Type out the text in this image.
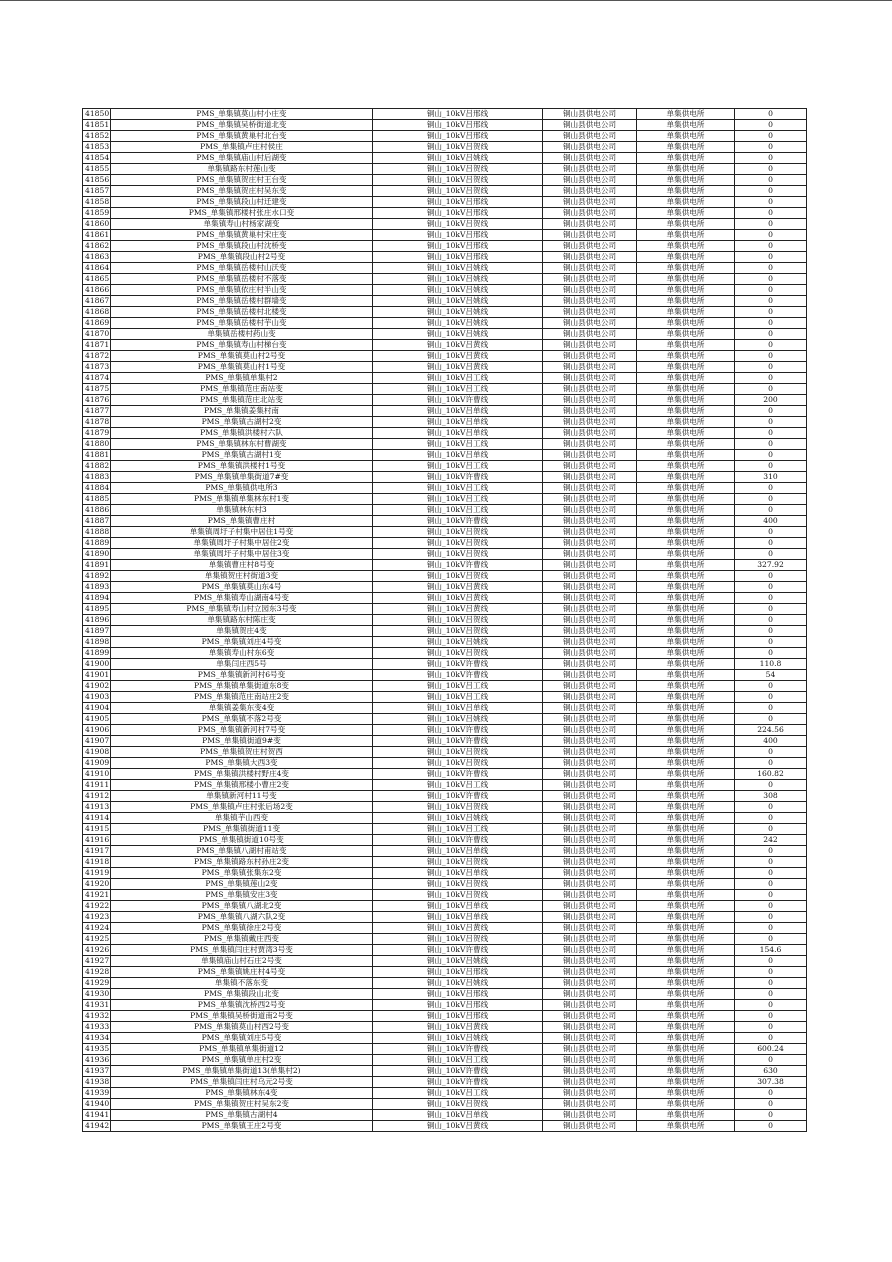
41850	PMS_单集镇莫山村小庄变	铜山_10kV吕邢线	铜山县供电公司	单集供电所	0
41851	PMS_单集镇吴桥街道北变	铜山_10kV吕邢线	铜山县供电公司	单集供电所	0
41852	PMS_单集镇黄巢村北台变	铜山_10kV吕邢线	铜山县供电公司	单集供电所	0
41853	PMS_单集镇卢庄村侯庄	铜山_10kV吕贺线	铜山县供电公司	单集供电所	0
41854	PMS_单集镇庙山村后湖变	铜山_10kV吕姚线	铜山县供电公司	单集供电所	0
41855	单集镇路东村莲山变	铜山_10kV吕贺线	铜山县供电公司	单集供电所	0
41856	PMS_单集镇贺庄村王台变	铜山_10kV吕贺线	铜山县供电公司	单集供电所	0
41857	PMS_单集镇贺庄村吴东变	铜山_10kV吕贺线	铜山县供电公司	单集供电所	0
41858	PMS_单集镇段山村迁建变	铜山_10kV吕邢线	铜山县供电公司	单集供电所	0
41859	PMS_单集镇邢楼村张庄水口变	铜山_10kV吕邢线	铜山县供电公司	单集供电所	0
41860	单集镇寿山村杨家湖变	铜山_10kV吕贺线	铜山县供电公司	单集供电所	0
41861	PMS_单集镇黄巢村宋庄变	铜山_10kV吕邢线	铜山县供电公司	单集供电所	0
41862	PMS_单集镇段山村沈桥变	铜山_10kV吕邢线	铜山县供电公司	单集供电所	0
41863	PMS_单集镇段山村2号变	铜山_10kV吕邢线	铜山县供电公司	单集供电所	0
41864	PMS_单集镇岳楼村山沃变	铜山_10kV吕姚线	铜山县供电公司	单集供电所	0
41865	PMS_单集镇岳楼村不落变	铜山_10kV吕姚线	铜山县供电公司	单集供电所	0
41866	PMS_单集镇依庄村半山变	铜山_10kV吕姚线	铜山县供电公司	单集供电所	0
41867	PMS_单集镇岳楼村群墙变	铜山_10kV吕姚线	铜山县供电公司	单集供电所	0
41868	PMS_单集镇岳楼村北楼变	铜山_10kV吕姚线	铜山县供电公司	单集供电所	0
41869	PMS_单集镇岳楼村芋山变	铜山_10kV吕姚线	铜山县供电公司	单集供电所	0
41870	单集镇岳楼村药山变	铜山_10kV吕姚线	铜山县供电公司	单集供电所	0
41871	PMS_单集镇寿山村梯台变	铜山_10kV吕黄线	铜山县供电公司	单集供电所	0
41872	PMS_单集镇莫山村2号变	铜山_10kV吕黄线	铜山县供电公司	单集供电所	0
41873	PMS_单集镇莫山村1号变	铜山_10kV吕黄线	铜山县供电公司	单集供电所	0
41874	PMS_单集镇单集村2	铜山_10kV吕工线	铜山县供电公司	单集供电所	0
41875	PMS_单集镇范庄南站变	铜山_10kV吕工线	铜山县供电公司	单集供电所	0
41876	PMS_单集镇范庄北站变	铜山_10kV许曹线	铜山县供电公司	单集供电所	200
41877	PMS_单集镇姜集村南	铜山_10kV吕单线	铜山县供电公司	单集供电所	0
41878	PMS_单集镇古湖村2变	铜山_10kV吕单线	铜山县供电公司	单集供电所	0
41879	PMS_单集镇洪楼村六队	铜山_10kV吕单线	铜山县供电公司	单集供电所	0
41880	PMS_单集镇林东村曹湖变	铜山_10kV吕工线	铜山县供电公司	单集供电所	0
41881	PMS_单集镇古湖村1变	铜山_10kV吕单线	铜山县供电公司	单集供电所	0
41882	PMS_单集镇洪楼村1号变	铜山_10kV吕工线	铜山县供电公司	单集供电所	0
41883	PMS_单集镇单集街道7#变	铜山_10kV许曹线	铜山县供电公司	单集供电所	310
41884	PMS_单集镇供电所3	铜山_10kV吕工线	铜山县供电公司	单集供电所	0
41885	PMS_单集镇单集林东村1变	铜山_10kV吕工线	铜山县供电公司	单集供电所	0
41886	单集镇林东村3	铜山_10kV吕工线	铜山县供电公司	单集供电所	0
41887	PMS_单集镇曹庄村	铜山_10kV许曹线	铜山县供电公司	单集供电所	400
41888	单集镇周圩子村集中居住1号变	铜山_10kV吕贺线	铜山县供电公司	单集供电所	0
41889	单集镇周圩子村集中居住2变	铜山_10kV吕贺线	铜山县供电公司	单集供电所	0
41890	单集镇周圩子村集中居住3变	铜山_10kV吕贺线	铜山县供电公司	单集供电所	0
41891	单集镇曹庄村8号变	铜山_10kV许曹线	铜山县供电公司	单集供电所	327.92
41892	单集镇贺庄村街道3变	铜山_10kV吕贺线	铜山县供电公司	单集供电所	0
41893	PMS_单集镇莫山东4号	铜山_10kV吕黄线	铜山县供电公司	单集供电所	0
41894	PMS_单集镇寿山湖南4号变	铜山_10kV吕黄线	铜山县供电公司	单集供电所	0
41895	PMS_单集镇寿山村立园东3号变	铜山_10kV吕黄线	铜山县供电公司	单集供电所	0
41896	单集镇路东村陈庄变	铜山_10kV吕贺线	铜山县供电公司	单集供电所	0
41897	单集镇贺庄4变	铜山_10kV吕贺线	铜山县供电公司	单集供电所	0
41898	PMS_单集镇刘庄4号变	铜山_10kV吕姚线	铜山县供电公司	单集供电所	0
41899	单集镇寿山村东6变	铜山_10kV吕贺线	铜山县供电公司	单集供电所	0
41900	单集闫庄西5号	铜山_10kV许曹线	铜山县供电公司	单集供电所	110.8
41901	PMS_单集镇新河村6号变	铜山_10kV许曹线	铜山县供电公司	单集供电所	54
41902	PMS_单集镇单集街道东8变	铜山_10kV吕工线	铜山县供电公司	单集供电所	0
41903	PMS_单集镇范庄南站庄2变	铜山_10kV吕工线	铜山县供电公司	单集供电所	0
41904	单集镇姜集东变4变	铜山_10kV吕单线	铜山县供电公司	单集供电所	0
41905	PMS_单集镇不落2号变	铜山_10kV吕姚线	铜山县供电公司	单集供电所	0
41906	PMS_单集镇新河村7号变	铜山_10kV许曹线	铜山县供电公司	单集供电所	224.56
41907	PMS_单集镇街道9#变	铜山_10kV许曹线	铜山县供电公司	单集供电所	400
41908	PMS_单集镇贺庄村贺西	铜山_10kV吕贺线	铜山县供电公司	单集供电所	0
41909	PMS_单集镇大西3变	铜山_10kV吕贺线	铜山县供电公司	单集供电所	0
41910	PMS_单集镇洪楼村野庄4变	铜山_10kV许曹线	铜山县供电公司	单集供电所	160.82
41911	PMS_单集镇邢楼小曹庄2变	铜山_10kV吕工线	铜山县供电公司	单集供电所	0
41912	单集镇新河村11号变	铜山_10kV许曹线	铜山县供电公司	单集供电所	308
41913	PMS_单集镇卢庄村张后场2变	铜山_10kV吕贺线	铜山县供电公司	单集供电所	0
41914	单集镇芋山西变	铜山_10kV吕姚线	铜山县供电公司	单集供电所	0
41915	PMS_单集镇街道11变	铜山_10kV吕工线	铜山县供电公司	单集供电所	0
41916	PMS_单集镇街道10号变	铜山_10kV许曹线	铜山县供电公司	单集供电所	242
41917	PMS_单集镇八湖村甫站变	铜山_10kV吕单线	铜山县供电公司	单集供电所	0
41918	PMS_单集镇路东村孙庄2变	铜山_10kV吕贺线	铜山县供电公司	单集供电所	0
41919	PMS_单集镇张集东2变	铜山_10kV吕单线	铜山县供电公司	单集供电所	0
41920	PMS_单集镇莲山2变	铜山_10kV吕贺线	铜山县供电公司	单集供电所	0
41921	PMS_单集镇安庄3变	铜山_10kV吕贺线	铜山县供电公司	单集供电所	0
41922	PMS_单集镇八湖北2变	铜山_10kV吕单线	铜山县供电公司	单集供电所	0
41923	PMS_单集镇八湖六队2变	铜山_10kV吕单线	铜山县供电公司	单集供电所	0
41924	PMS_单集镇徐庄2号变	铜山_10kV吕黄线	铜山县供电公司	单集供电所	0
41925	PMS_单集镇戴庄西变	铜山_10kV吕贺线	铜山县供电公司	单集供电所	0
41926	PMS_单集镇闫庄村贾湾3号变	铜山_10kV许曹线	铜山县供电公司	单集供电所	154.6
41927	单集镇庙山村石庄2号变	铜山_10kV吕姚线	铜山县供电公司	单集供电所	0
41928	PMS_单集镇姚庄村4号变	铜山_10kV吕邢线	铜山县供电公司	单集供电所	0
41929	单集镇不落东变	铜山_10kV吕姚线	铜山县供电公司	单集供电所	0
41930	PMS_单集镇段山北变	铜山_10kV吕邢线	铜山县供电公司	单集供电所	0
41931	PMS_单集镇沈桥西2号变	铜山_10kV吕邢线	铜山县供电公司	单集供电所	0
41932	PMS_单集镇吴桥街道南2号变	铜山_10kV吕邢线	铜山县供电公司	单集供电所	0
41933	PMS_单集镇莫山村西2号变	铜山_10kV吕黄线	铜山县供电公司	单集供电所	0
41934	PMS_单集镇刘庄5号变	铜山_10kV吕姚线	铜山县供电公司	单集供电所	0
41935	PMS_单集镇单集街道12	铜山_10kV许曹线	铜山县供电公司	单集供电所	600.24
41936	PMS_单集镇单庄村2变	铜山_10kV吕工线	铜山县供电公司	单集供电所	0
41937	PMS_单集镇单集街道13(单集村2)	铜山_10kV许曹线	铜山县供电公司	单集供电所	630
41938	PMS_单集镇闫庄村乌元2号变	铜山_10kV许曹线	铜山县供电公司	单集供电所	307.38
41939	PMS_单集镇林东4变	铜山_10kV吕工线	铜山县供电公司	单集供电所	0
41940	PMS_单集镇贺庄村吴东2变	铜山_10kV吕贺线	铜山县供电公司	单集供电所	0
41941	PMS_单集镇古湖村4	铜山_10kV吕单线	铜山县供电公司	单集供电所	0
41942	PMS_单集镇王庄2号变	铜山_10kV吕黄线	铜山县供电公司	单集供电所	0
